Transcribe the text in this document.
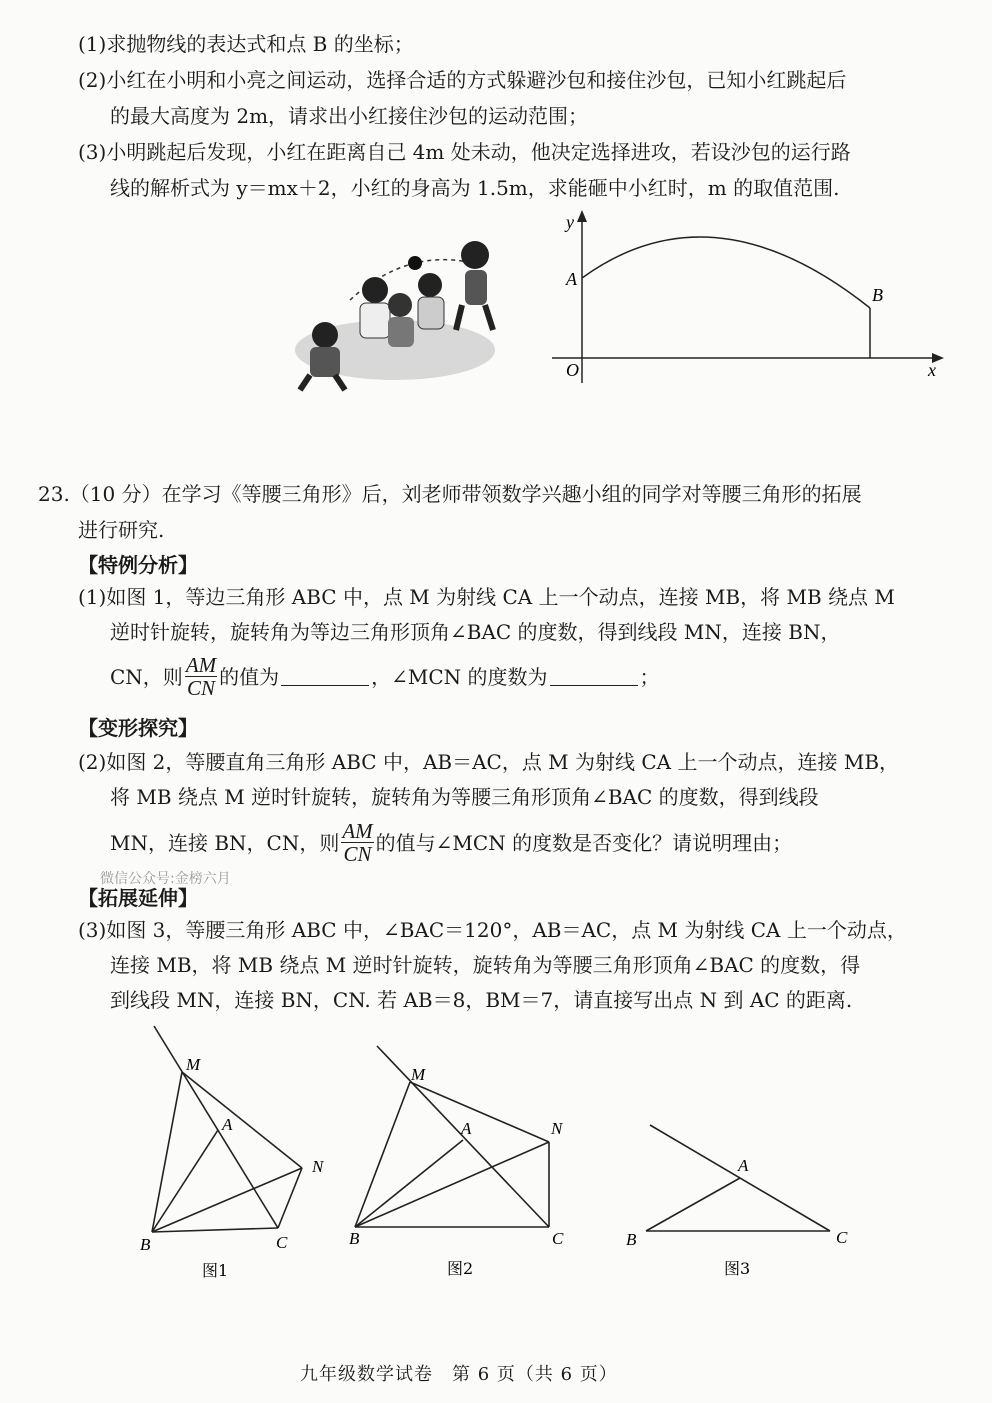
(1)求抛物线的表达式和点 B 的坐标；
(2)小红在小明和小亮之间运动，选择合适的方式躲避沙包和接住沙包，已知小红跳起后
的最大高度为 2m，请求出小红接住沙包的运动范围；
(3)小明跳起后发现，小红在距离自己 4m 处未动，他决定选择进攻，若设沙包的运行路
线的解析式为 y＝mx＋2，小红的身高为 1.5m，求能砸中小红时，m 的取值范围.
y
x
O
A
B
23.（10 分）在学习《等腰三角形》后，刘老师带领数学兴趣小组的同学对等腰三角形的拓展
进行研究.
【特例分析】
(1)如图 1，等边三角形 ABC 中，点 M 为射线 CA 上一个动点，连接 MB，将 MB 绕点 M
逆时针旋转，旋转角为等边三角形顶角∠BAC 的度数，得到线段 MN，连接 BN，
CN，则 $\frac{AM}{CN}$ 的值为	，∠MCN 的度数为	；
【变形探究】
(2)如图 2，等腰直角三角形 ABC 中，AB＝AC，点 M 为射线 CA 上一个动点，连接 MB，
将 MB 绕点 M 逆时针旋转，旋转角为等腰三角形顶角∠BAC 的度数，得到线段
MN，连接 BN，CN，则 $\frac{AM}{CN}$ 的值与∠MCN 的度数是否变化？请说明理由；
微信公众号:金榜六月
【拓展延伸】
(3)如图 3，等腰三角形 ABC 中，∠BAC＝120°，AB＝AC，点 M 为射线 CA 上一个动点，
连接 MB，将 MB 绕点 M 逆时针旋转，旋转角为等腰三角形顶角∠BAC 的度数，得
到线段 MN，连接 BN，CN. 若 AB＝8，BM＝7，请直接写出点 N 到 AC 的距离.
M
A
N
B	C
图1
M
A	N
B	C
图2
A
B	C
图3
九年级数学试卷　第 6 页（共 6 页）
